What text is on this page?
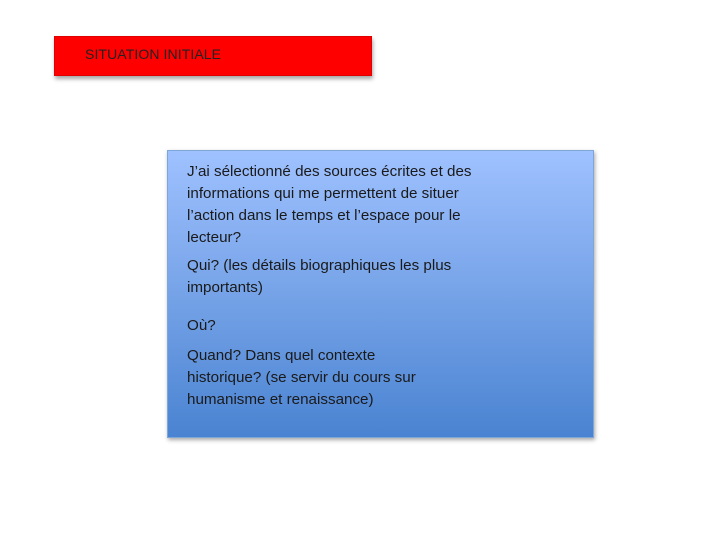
SITUATION INITIALE

J’ai sélectionné des sources écrites et des informations qui me permettent de situer l’action dans le temps et l’espace pour le lecteur?

Qui? (les détails biographiques les plus importants)

Où?

Quand? Dans quel contexte historique? (se servir du cours sur humanisme et renaissance)
